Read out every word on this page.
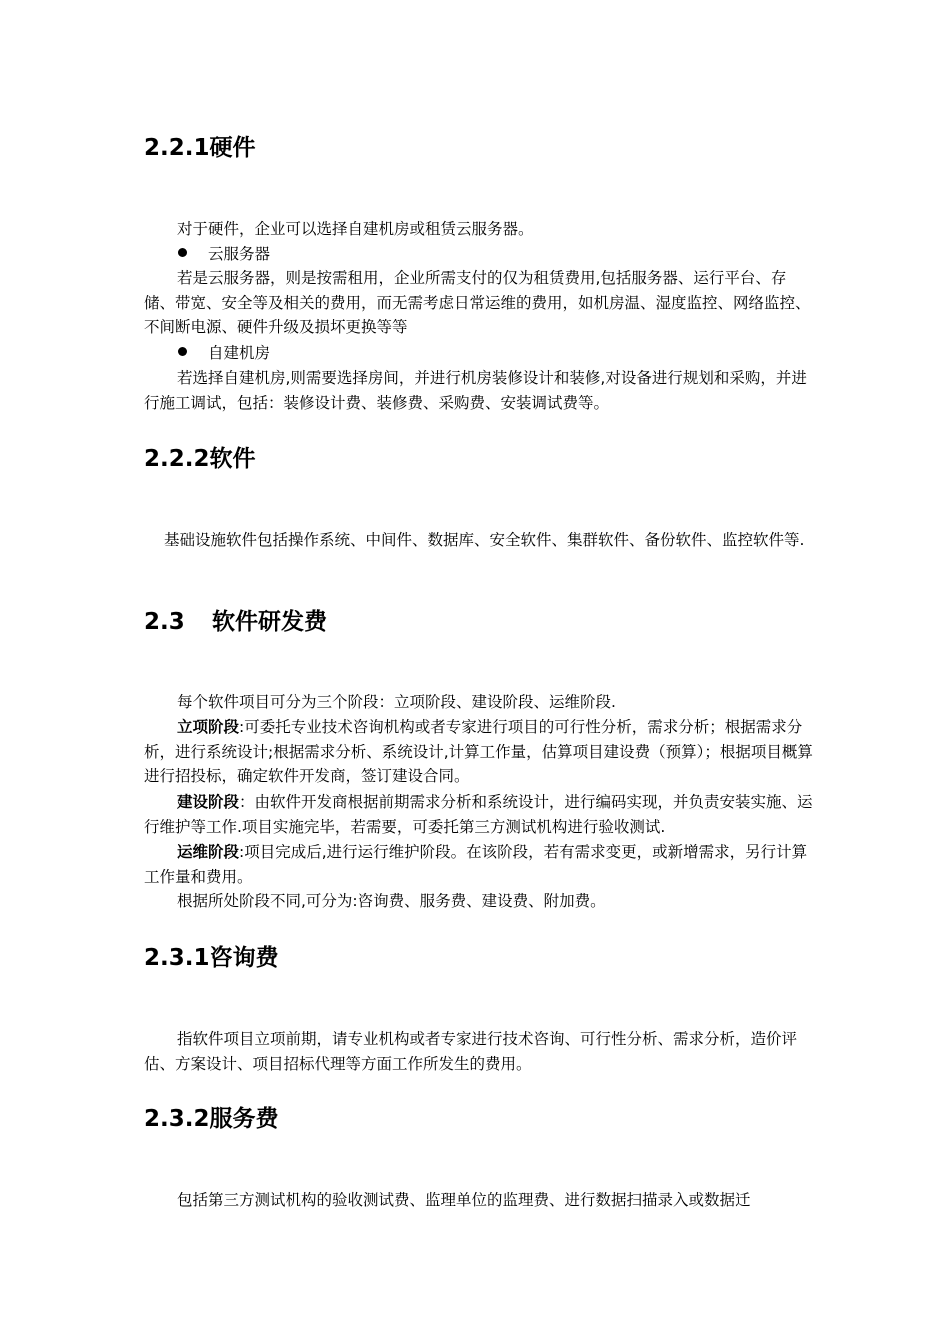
2.2.1硬件

对于硬件，企业可以选择自建机房或租赁云服务器。

云服务器

若是云服务器，则是按需租用，企业所需支付的仅为租赁费用,包括服务器、运行平台、存储、带宽、安全等及相关的费用，而无需考虑日常运维的费用，如机房温、湿度监控、网络监控、不间断电源、硬件升级及损坏更换等等

自建机房

若选择自建机房,则需要选择房间，并进行机房装修设计和装修,对设备进行规划和采购，并进行施工调试，包括：装修设计费、装修费、采购费、安装调试费等。

2.2.2软件

基础设施软件包括操作系统、中间件、数据库、安全软件、集群软件、备份软件、监控软件等.

2.3 软件研发费

每个软件项目可分为三个阶段：立项阶段、建设阶段、运维阶段.

立项阶段:可委托专业技术咨询机构或者专家进行项目的可行性分析，需求分析；根据需求分析，进行系统设计;根据需求分析、系统设计,计算工作量，估算项目建设费（预算）；根据项目概算进行招投标，确定软件开发商，签订建设合同。

建设阶段：由软件开发商根据前期需求分析和系统设计，进行编码实现，并负责安装实施、运行维护等工作.项目实施完毕，若需要，可委托第三方测试机构进行验收测试.

运维阶段:项目完成后,进行运行维护阶段。在该阶段，若有需求变更，或新增需求，另行计算工作量和费用。

根据所处阶段不同,可分为:咨询费、服务费、建设费、附加费。

2.3.1咨询费

指软件项目立项前期，请专业机构或者专家进行技术咨询、可行性分析、需求分析，造价评估、方案设计、项目招标代理等方面工作所发生的费用。

2.3.2服务费

包括第三方测试机构的验收测试费、监理单位的监理费、进行数据扫描录入或数据迁
